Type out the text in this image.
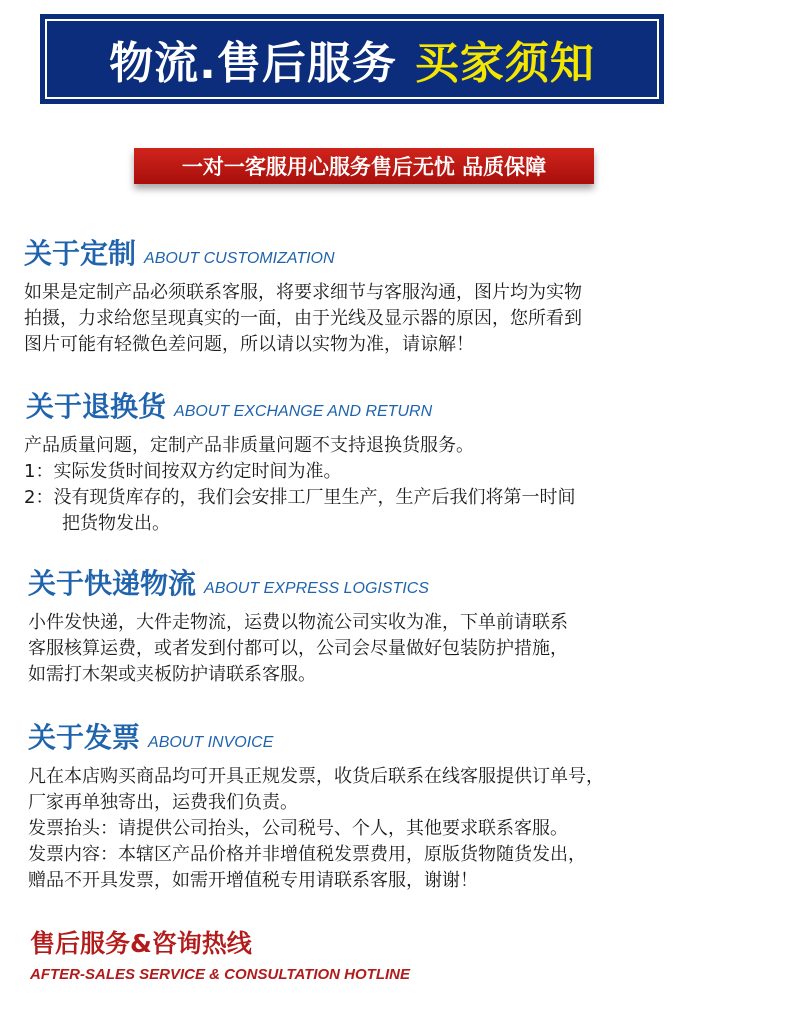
物流.售后服务 买家须知
一对一客服用心服务售后无忧 品质保障
关于定制 ABOUT CUSTOMIZATION

如果是定制产品必须联系客服，将要求细节与客服沟通，图片均为实物

拍摄，力求给您呈现真实的一面，由于光线及显示器的原因，您所看到

图片可能有轻微色差问题，所以请以实物为准，请谅解！

关于退换货 ABOUT EXCHANGE AND RETURN

产品质量问题，定制产品非质量问题不支持退换货服务。

1：实际发货时间按双方约定时间为准。

2：没有现货库存的，我们会安排工厂里生产，生产后我们将第一时间

把货物发出。

关于快递物流 ABOUT EXPRESS LOGISTICS

小件发快递，大件走物流，运费以物流公司实收为准，下单前请联系

客服核算运费，或者发到付都可以，公司会尽量做好包装防护措施，

如需打木架或夹板防护请联系客服。

关于发票 ABOUT INVOICE

凡在本店购买商品均可开具正规发票，收货后联系在线客服提供订单号，

厂家再单独寄出，运费我们负责。

发票抬头：请提供公司抬头，公司税号、个人，其他要求联系客服。

发票内容：本辖区产品价格并非增值税发票费用，原版货物随货发出，

赠品不开具发票，如需开增值税专用请联系客服，谢谢！

售后服务&咨询热线
AFTER-SALES SERVICE & CONSULTATION HOTLINE
